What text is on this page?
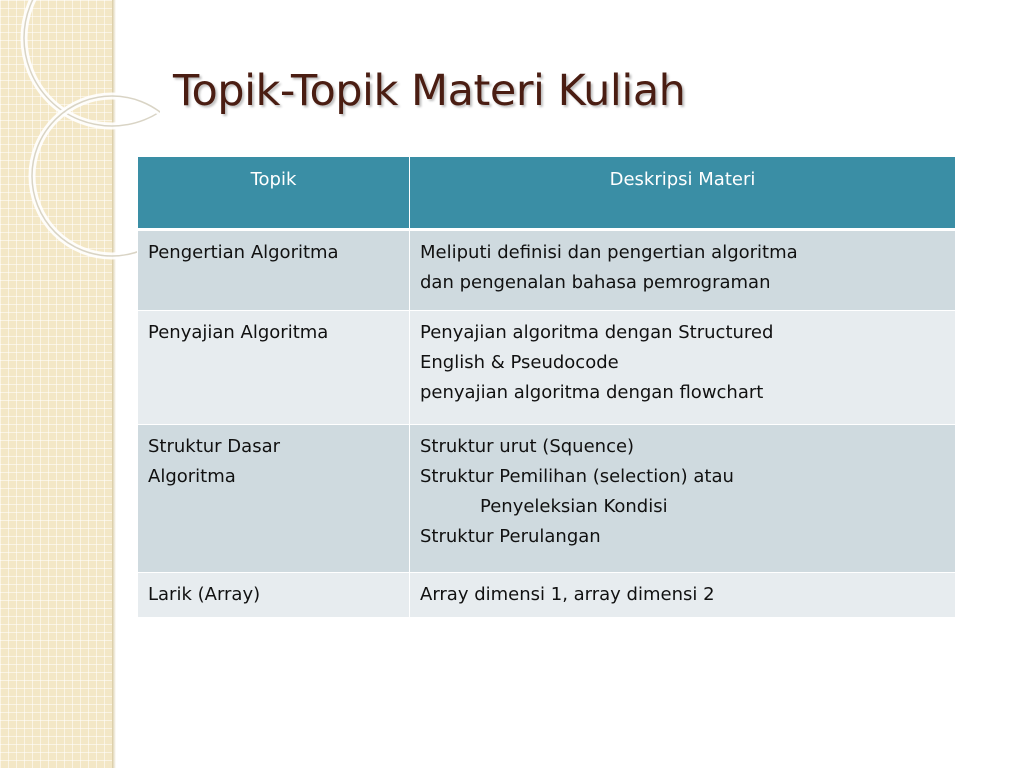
Topik-Topik Materi Kuliah
Topik	Deskripsi Materi

Pengertian Algoritma	Meliputi definisi dan pengertian algoritma
dan pengenalan bahasa pemrograman

Penyajian Algoritma	Penyajian algoritma dengan Structured
English & Pseudocode
penyajian algoritma dengan flowchart

Struktur Dasar
Algoritma	Struktur urut (Squence)
Struktur Pemilihan (selection) atau
Penyeleksian Kondisi
Struktur Perulangan

Larik (Array)	Array dimensi 1, array dimensi 2
